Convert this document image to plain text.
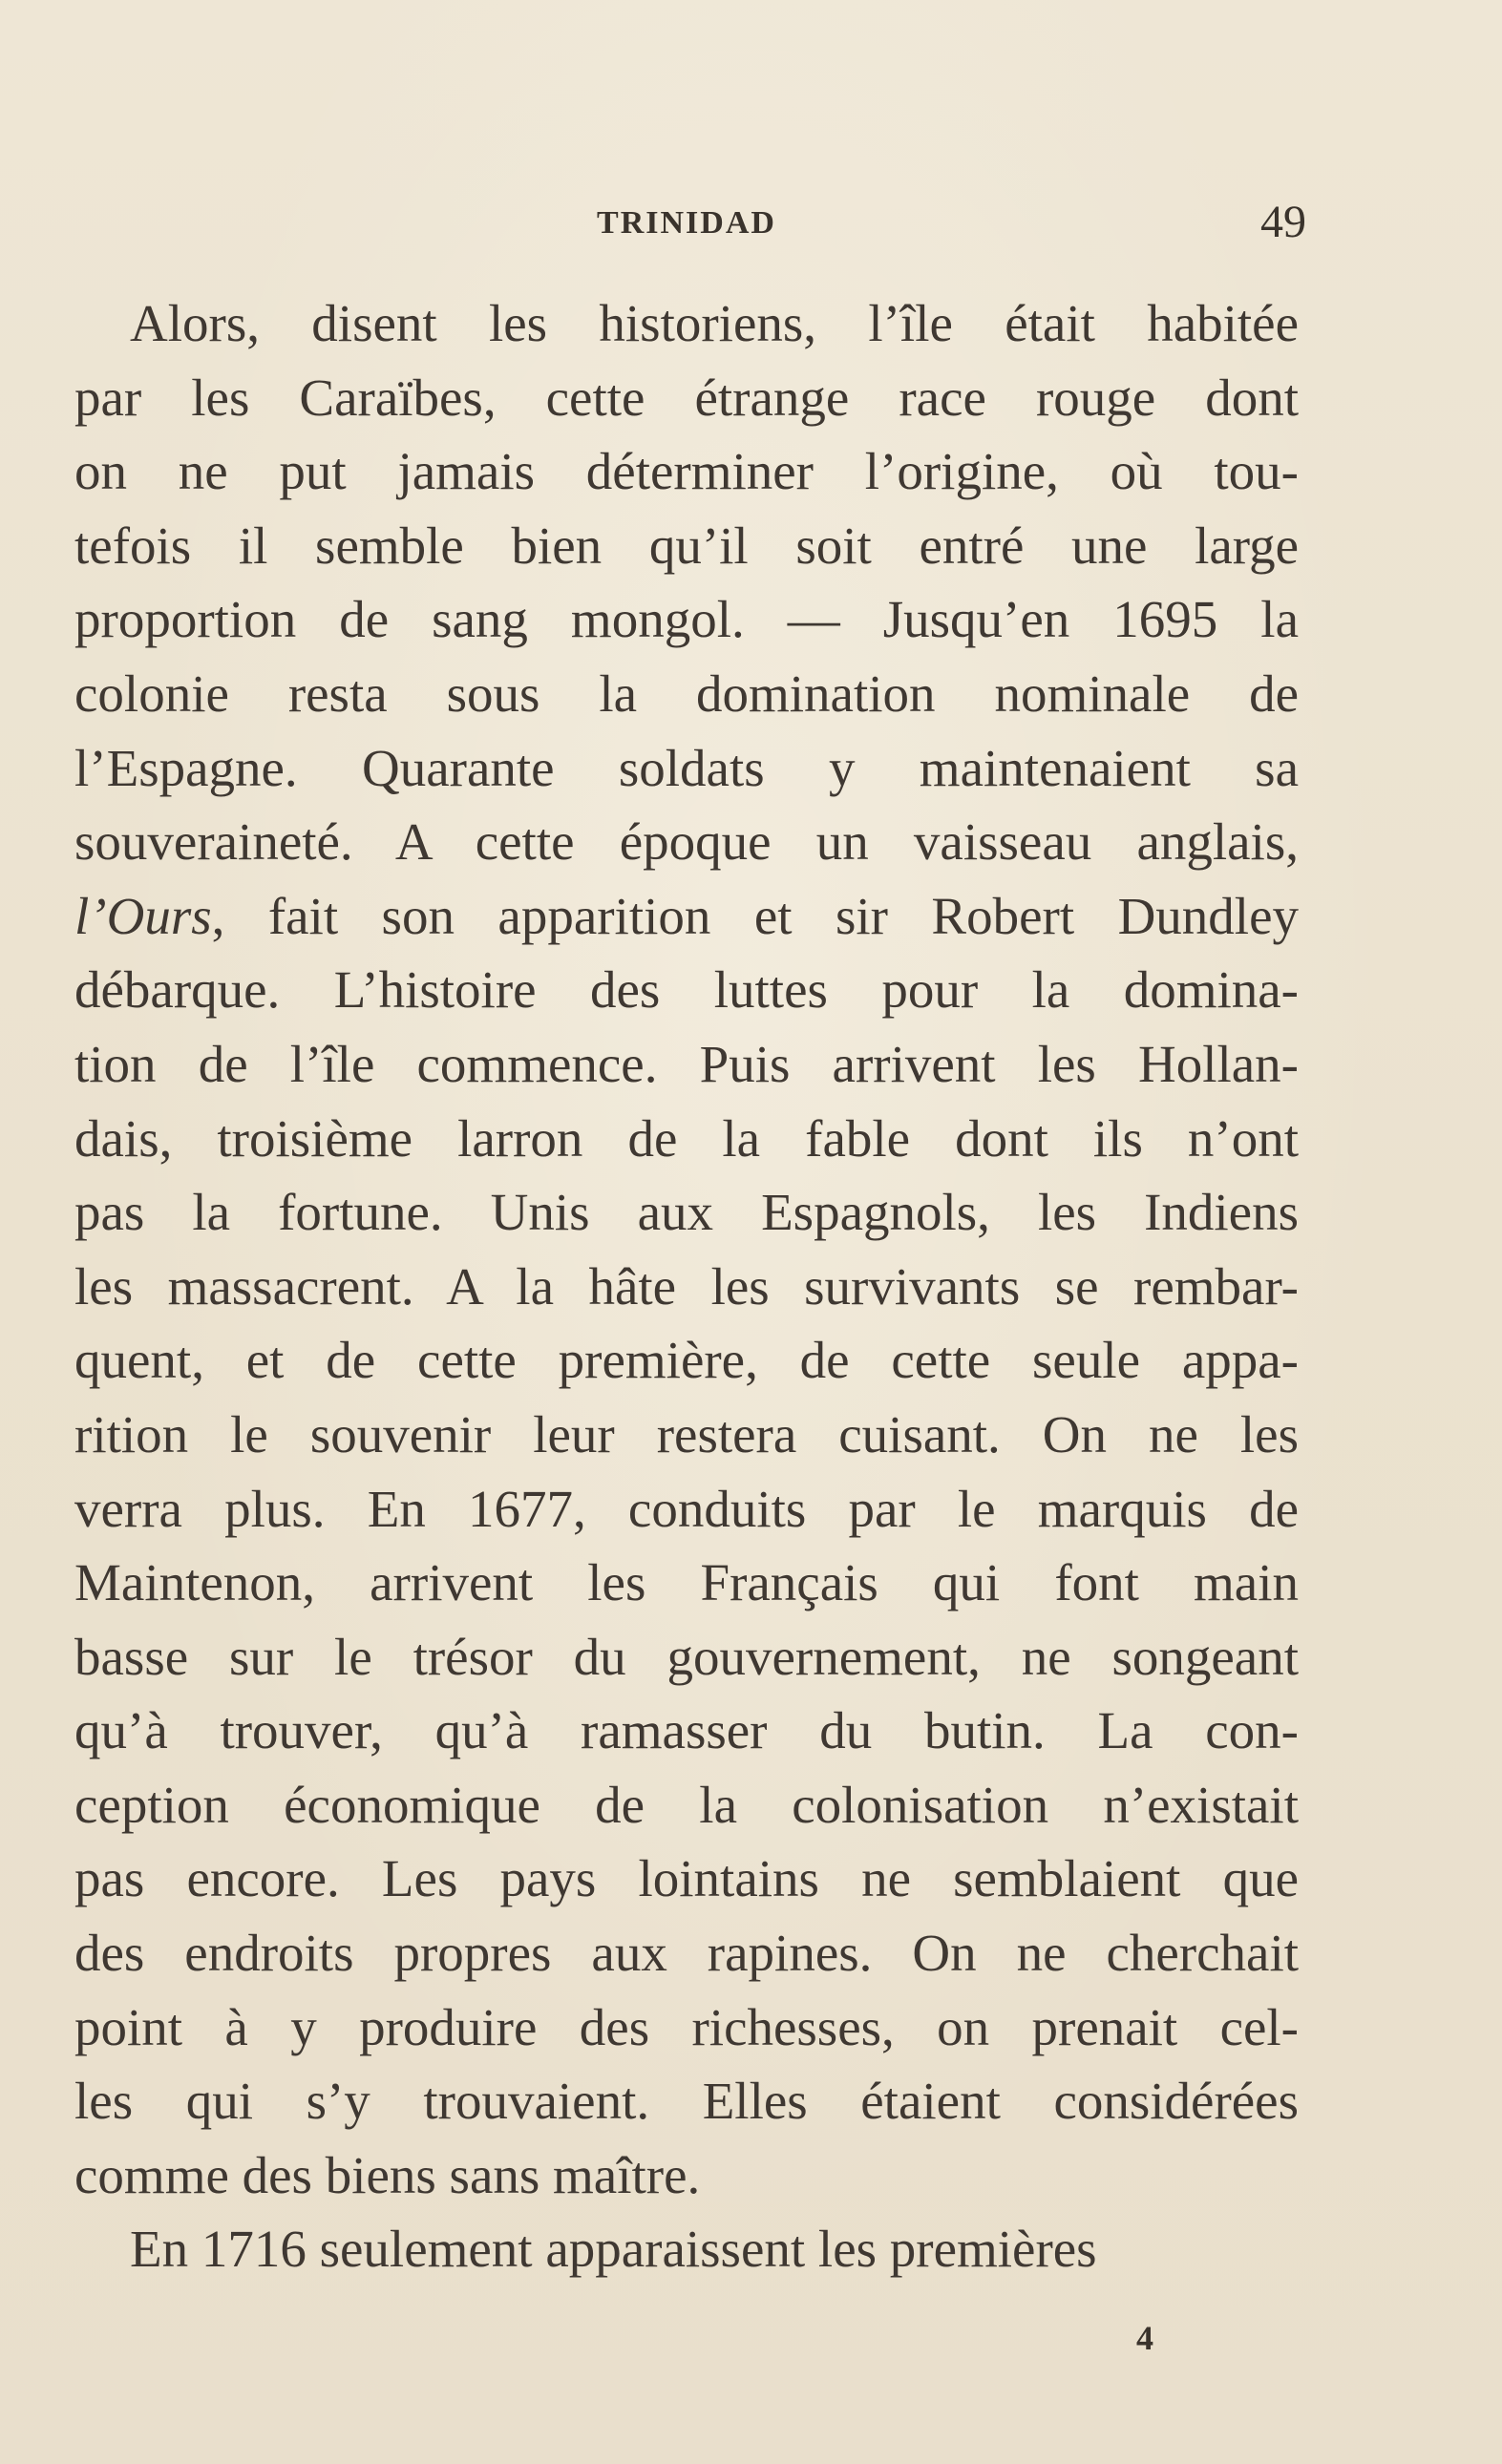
TRINIDAD	49
Alors, disent les historiens, l’île était habitée
par les Caraïbes, cette étrange race rouge dont
on ne put jamais déterminer l’origine, où tou-
tefois il semble bien qu’il soit entré une large
proportion de sang mongol. — Jusqu’en 1695 la
colonie resta sous la domination nominale de
l’Espagne. Quarante soldats y maintenaient sa
souveraineté. A cette époque un vaisseau anglais,
l’Ours, fait son apparition et sir Robert Dundley
débarque. L’histoire des luttes pour la domina-
tion de l’île commence. Puis arrivent les Hollan-
dais, troisième larron de la fable dont ils n’ont
pas la fortune. Unis aux Espagnols, les Indiens
les massacrent. A la hâte les survivants se rembar-
quent, et de cette première, de cette seule appa-
rition le souvenir leur restera cuisant. On ne les
verra plus. En 1677, conduits par le marquis de
Maintenon, arrivent les Français qui font main
basse sur le trésor du gouvernement, ne songeant
qu’à trouver, qu’à ramasser du butin. La con-
ception économique de la colonisation n’existait
pas encore. Les pays lointains ne semblaient que
des endroits propres aux rapines. On ne cherchait
point à y produire des richesses, on prenait cel-
les qui s’y trouvaient. Elles étaient considérées
comme des biens sans maître.
En 1716 seulement apparaissent les premières
4
